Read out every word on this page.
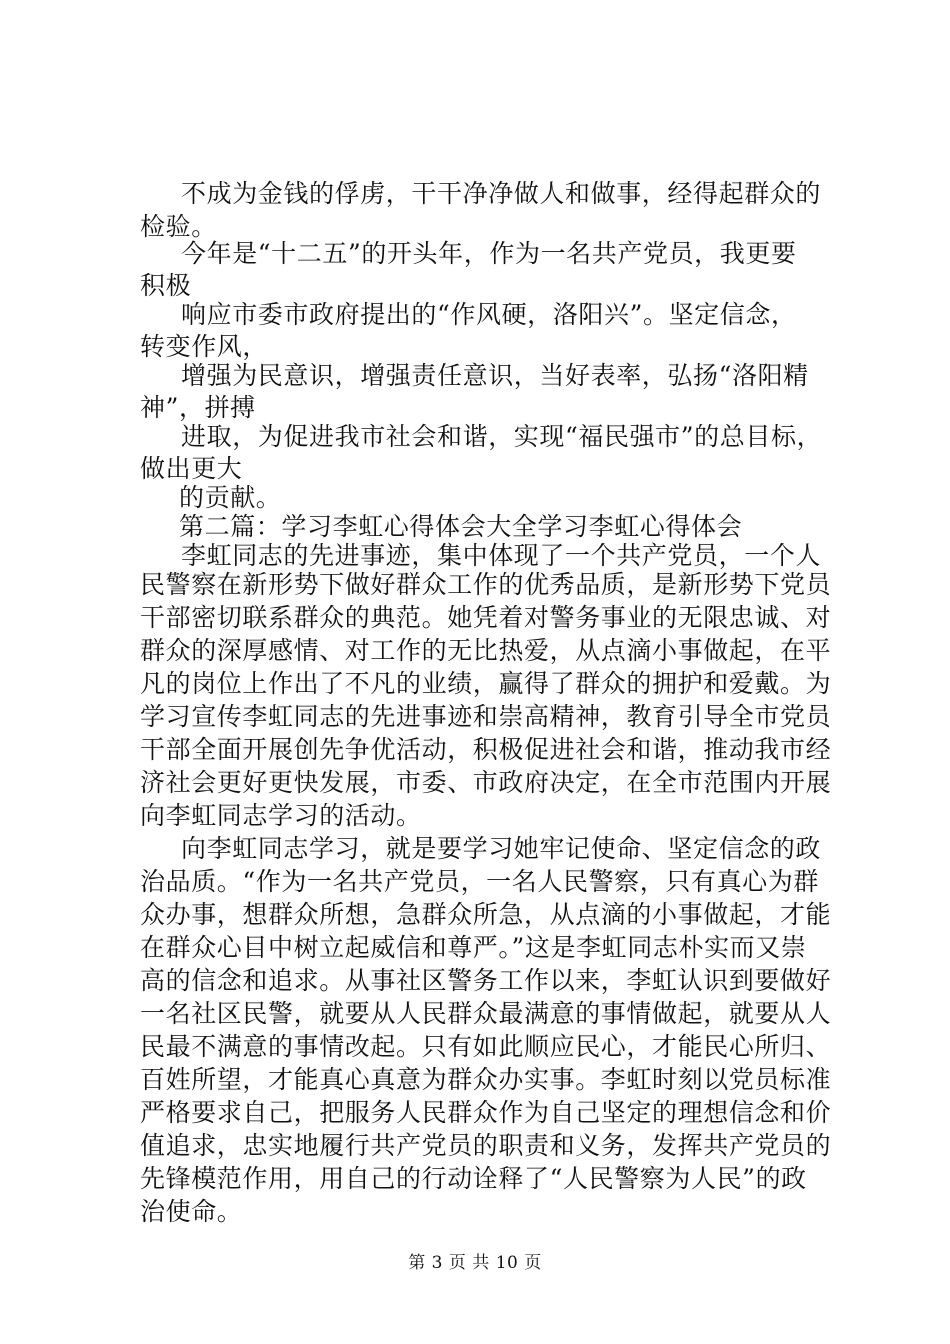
不成为金钱的俘虏，干干净净做人和做事，经得起群众的
检验。
今年是“十二五”的开头年，作为一名共产党员，我更要
积极
响应市委市政府提出的“作风硬，洛阳兴”。坚定信念，
转变作风，
增强为民意识，增强责任意识，当好表率，弘扬“洛阳精
神”，拼搏
进取，为促进我市社会和谐，实现“福民强市”的总目标，
做出更大
的贡献。
第二篇：学习李虹心得体会大全学习李虹心得体会
李虹同志的先进事迹，集中体现了一个共产党员，一个人
民警察在新形势下做好群众工作的优秀品质，是新形势下党员
干部密切联系群众的典范。她凭着对警务事业的无限忠诚、对
群众的深厚感情、对工作的无比热爱，从点滴小事做起，在平
凡的岗位上作出了不凡的业绩，赢得了群众的拥护和爱戴。为
学习宣传李虹同志的先进事迹和崇高精神，教育引导全市党员
干部全面开展创先争优活动，积极促进社会和谐，推动我市经
济社会更好更快发展，市委、市政府决定，在全市范围内开展
向李虹同志学习的活动。
向李虹同志学习，就是要学习她牢记使命、坚定信念的政
治品质。“作为一名共产党员，一名人民警察，只有真心为群
众办事，想群众所想，急群众所急，从点滴的小事做起，才能
在群众心目中树立起威信和尊严。”这是李虹同志朴实而又崇
高的信念和追求。从事社区警务工作以来，李虹认识到要做好
一名社区民警，就要从人民群众最满意的事情做起，就要从人
民最不满意的事情改起。只有如此顺应民心，才能民心所归、
百姓所望，才能真心真意为群众办实事。李虹时刻以党员标准
严格要求自己，把服务人民群众作为自己坚定的理想信念和价
值追求，忠实地履行共产党员的职责和义务，发挥共产党员的
先锋模范作用，用自己的行动诠释了“人民警察为人民”的政
治使命。
第 3 页 共 10 页
